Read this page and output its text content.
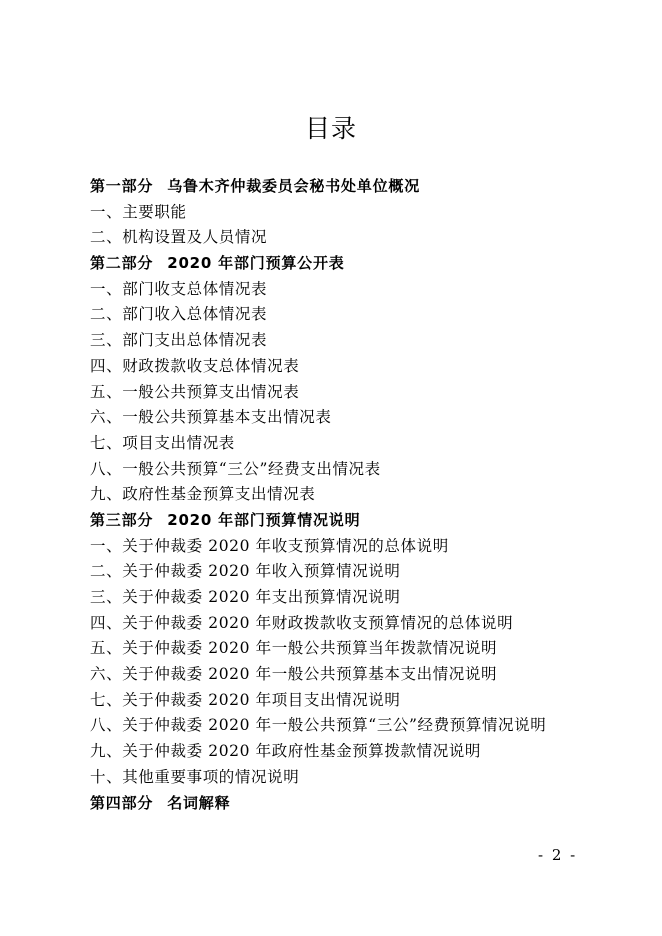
目录
第一部分 乌鲁木齐仲裁委员会秘书处单位概况
一、主要职能
二、机构设置及人员情况
第二部分 2020 年部门预算公开表
一、部门收支总体情况表
二、部门收入总体情况表
三、部门支出总体情况表
四、财政拨款收支总体情况表
五、一般公共预算支出情况表
六、一般公共预算基本支出情况表
七、项目支出情况表
八、一般公共预算“三公”经费支出情况表
九、政府性基金预算支出情况表
第三部分 2020 年部门预算情况说明
一、关于仲裁委 2020 年收支预算情况的总体说明
二、关于仲裁委 2020 年收入预算情况说明
三、关于仲裁委 2020 年支出预算情况说明
四、关于仲裁委 2020 年财政拨款收支预算情况的总体说明
五、关于仲裁委 2020 年一般公共预算当年拨款情况说明
六、关于仲裁委 2020 年一般公共预算基本支出情况说明
七、关于仲裁委 2020 年项目支出情况说明
八、关于仲裁委 2020 年一般公共预算“三公”经费预算情况说明
九、关于仲裁委 2020 年政府性基金预算拨款情况说明
十、其他重要事项的情况说明
第四部分 名词解释
- 2 -
